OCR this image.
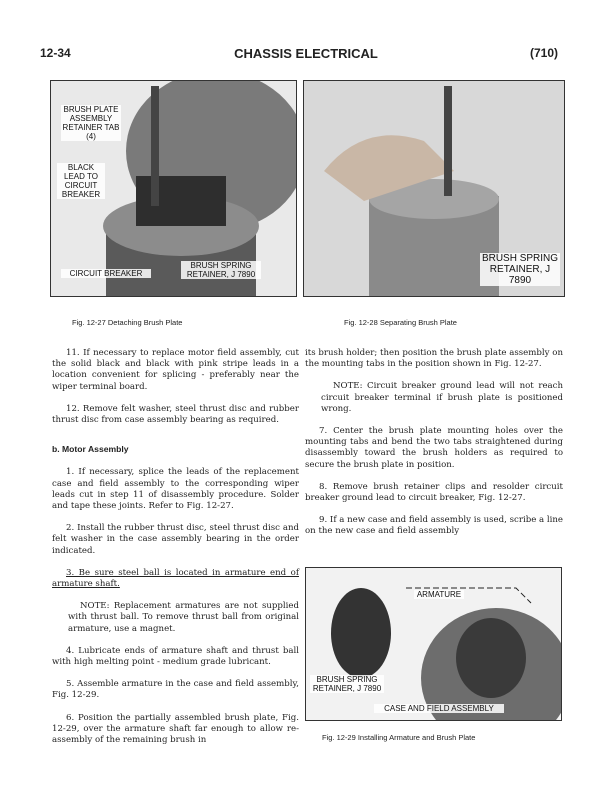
12-34	CHASSIS ELECTRICAL	(710)
BRUSH PLATE ASSEMBLY RETAINER TAB (4)
BLACK LEAD TO CIRCUIT BREAKER
CIRCUIT BREAKER
BRUSH SPRING RETAINER, J 7890
Fig. 12-27 Detaching Brush Plate
BRUSH SPRING RETAINER, J 7890
Fig. 12-28 Separating Brush Plate

11. If necessary to replace motor field assembly, cut the solid black and black with pink stripe leads in a location convenient for splicing - preferably near the wiper terminal board.

12. Remove felt washer, steel thrust disc and rubber thrust disc from case assembly bearing as required.

b. Motor Assembly

1. If necessary, splice the leads of the replacement case and field assembly to the corresponding wiper leads cut in step 11 of disassembly procedure. Solder and tape these joints. Refer to Fig. 12-27.

2. Install the rubber thrust disc, steel thrust disc and felt washer in the case assembly bearing in the order indicated.

3. Be sure steel ball is located in armature end of armature shaft.

NOTE: Replacement armatures are not supplied with thrust ball. To remove thrust ball from original armature, use a magnet.

4. Lubricate ends of armature shaft and thrust ball with high melting point - medium grade lubricant.

5. Assemble armature in the case and field assembly, Fig. 12-29.

6. Position the partially assembled brush plate, Fig. 12-29, over the armature shaft far enough to allow re-assembly of the remaining brush in

its brush holder; then position the brush plate assembly on the mounting tabs in the position shown in Fig. 12-27.

NOTE: Circuit breaker ground lead will not reach circuit breaker terminal if brush plate is positioned wrong.

7. Center the brush plate mounting holes over the mounting tabs and bend the two tabs straightened during disassembly toward the brush holders as required to secure the brush plate in position.

8. Remove brush retainer clips and resolder circuit breaker ground lead to circuit breaker, Fig. 12-27.

9. If a new case and field assembly is used, scribe a line on the new case and field assembly

ARMATURE
BRUSH SPRING RETAINER, J 7890
CASE AND FIELD ASSEMBLY
Fig. 12-29 Installing Armature and Brush Plate
